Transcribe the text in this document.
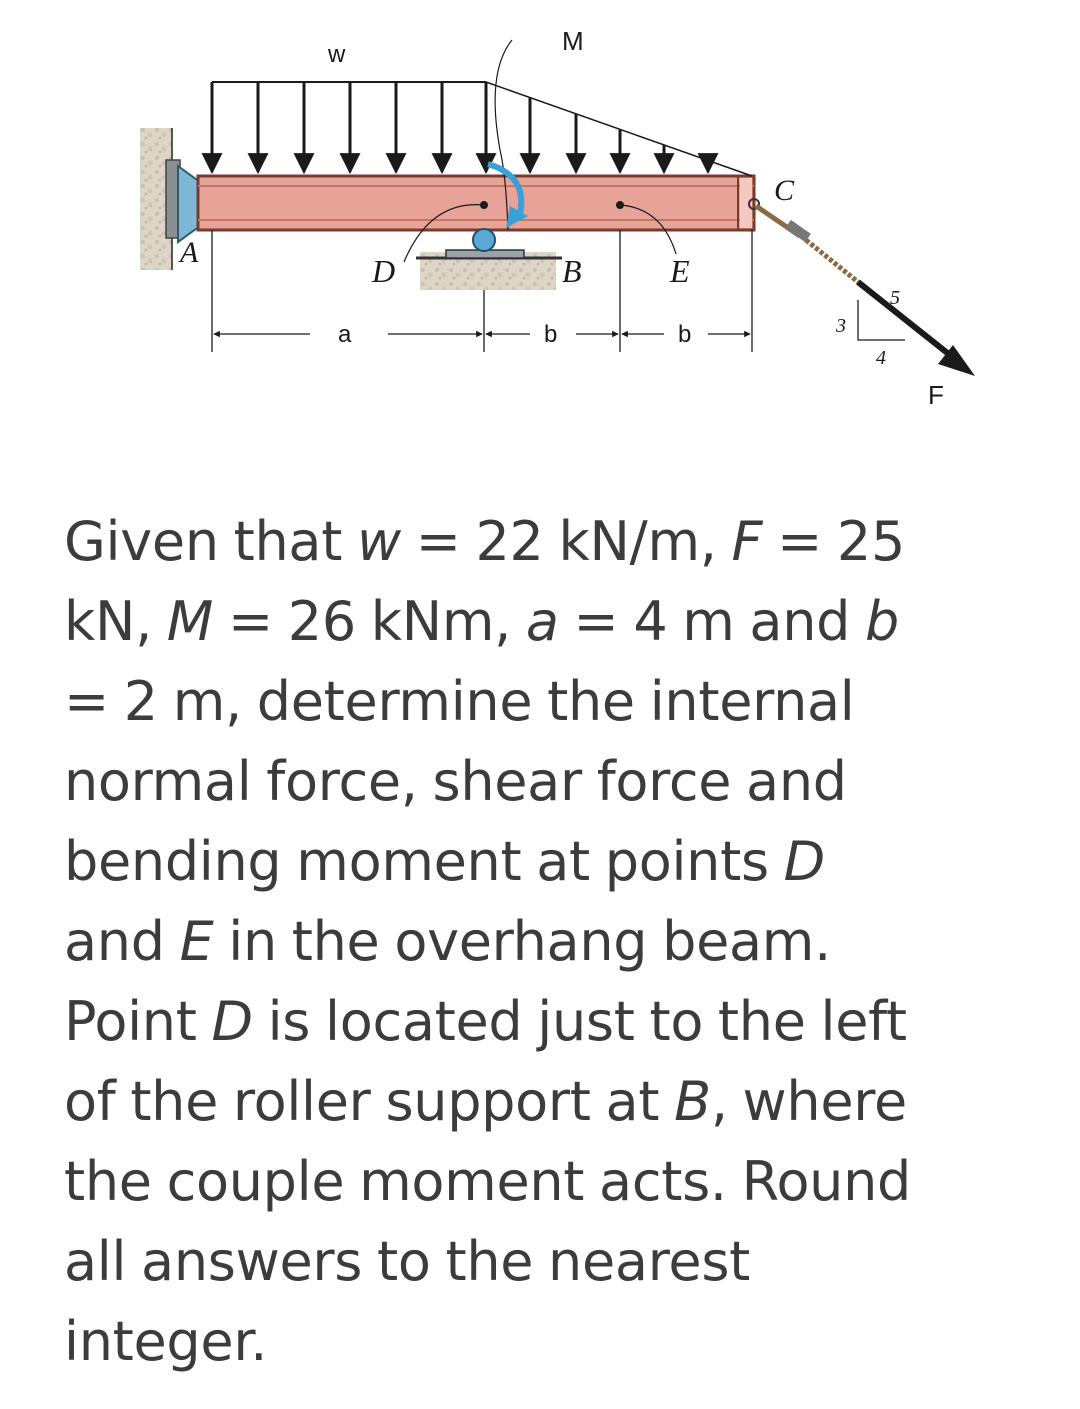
w	M
A
C
D	B	E
a	b	b	3
4
5
F
Given that w = 22 kN/m, F = 25
kN, M = 26 kNm, a = 4 m and b
= 2 m, determine the internal
normal force, shear force and
bending moment at points D
and E in the overhang beam.
Point D is located just to the left
of the roller support at B, where
the couple moment acts. Round
all answers to the nearest
integer.
